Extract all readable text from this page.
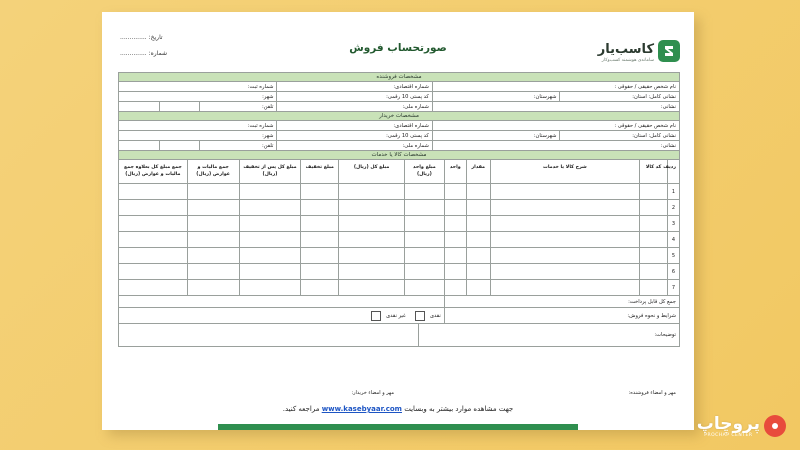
کاسب‌یار
سامانه‌ی هوشمند کسب‌وکار
صورتحساب فروش
تاریخ: ..............
شماره: ..............
مشخصات فروشنده
نام شخص حقیقی / حقوقی :
شماره اقتصادی:
شماره ثبت:
نشانی کامل: استان:
شهرستان:
کد پستی 10 رقمی:
شهر:
نشانی:
شماره ملی:
تلفن:
مشخصات خریدار
نام شخص حقیقی / حقوقی :
شماره اقتصادی:
شماره ثبت:
نشانی کامل: استان:
شهرستان:
کد پستی 10 رقمی:
شهر:
نشانی:
شماره ملی:
تلفن:
مشخصات کالا یا خدمات
ردیف
کد کالا
شرح کالا یا خدمات
مقدار
واحد
مبلغ واحد (ریال)
مبلغ کل (ریال)
مبلغ تخفیف
مبلغ کل پس از تخفیف (ریال)
جمع مالیات و عوارض (ریال)
جمع مبلغ کل بعلاوه جمع مالیات و عوارض (ریال)
1
2
3
4
5
6
7
جمع کل قابل پرداخت:
شرایط و نحوه فروش:
نقدی     غیر نقدی
توضیحات:
مهر و امضاء فروشنده:
مهر و امضاء خریدار:
جهت مشاهده موارد بیشتر به وبسایت www.kasebyaar.com مراجعه کنید.
پروچاپ
PROCHAP CENTER
